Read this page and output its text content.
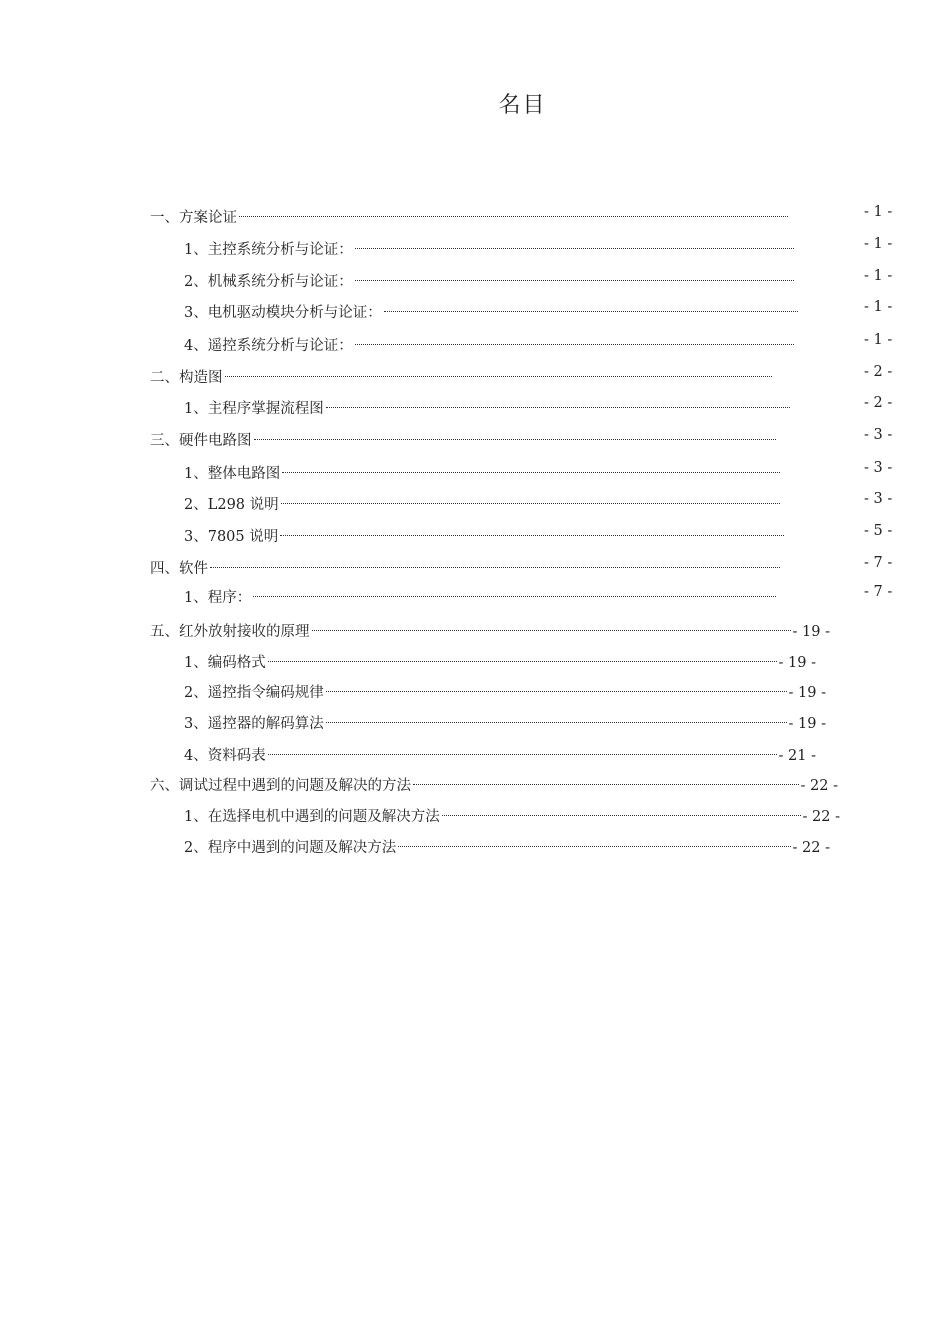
名目
一、方案论证	- 1 -
1、主控系统分析与论证：	- 1 -
2、机械系统分析与论证：	- 1 -
3、电机驱动模块分析与论证：	- 1 -
4、遥控系统分析与论证：	- 1 -
二、构造图	- 2 -
1、主程序掌握流程图	- 2 -
三、硬件电路图	- 3 -
1、整体电路图	- 3 -
2、L298 说明	- 3 -
3、7805 说明	- 5 -
四、软件	- 7 -
1、程序：	- 7 -
五、红外放射接收的原理	- 19 -
1、编码格式	- 19 -
2、遥控指令编码规律	- 19 -
3、遥控器的解码算法	- 19 -
4、资料码表	- 21 -
六、调试过程中遇到的问题及解决的方法	- 22 -
1、在选择电机中遇到的问题及解决方法	- 22 -
2、程序中遇到的问题及解决方法	- 22 -
